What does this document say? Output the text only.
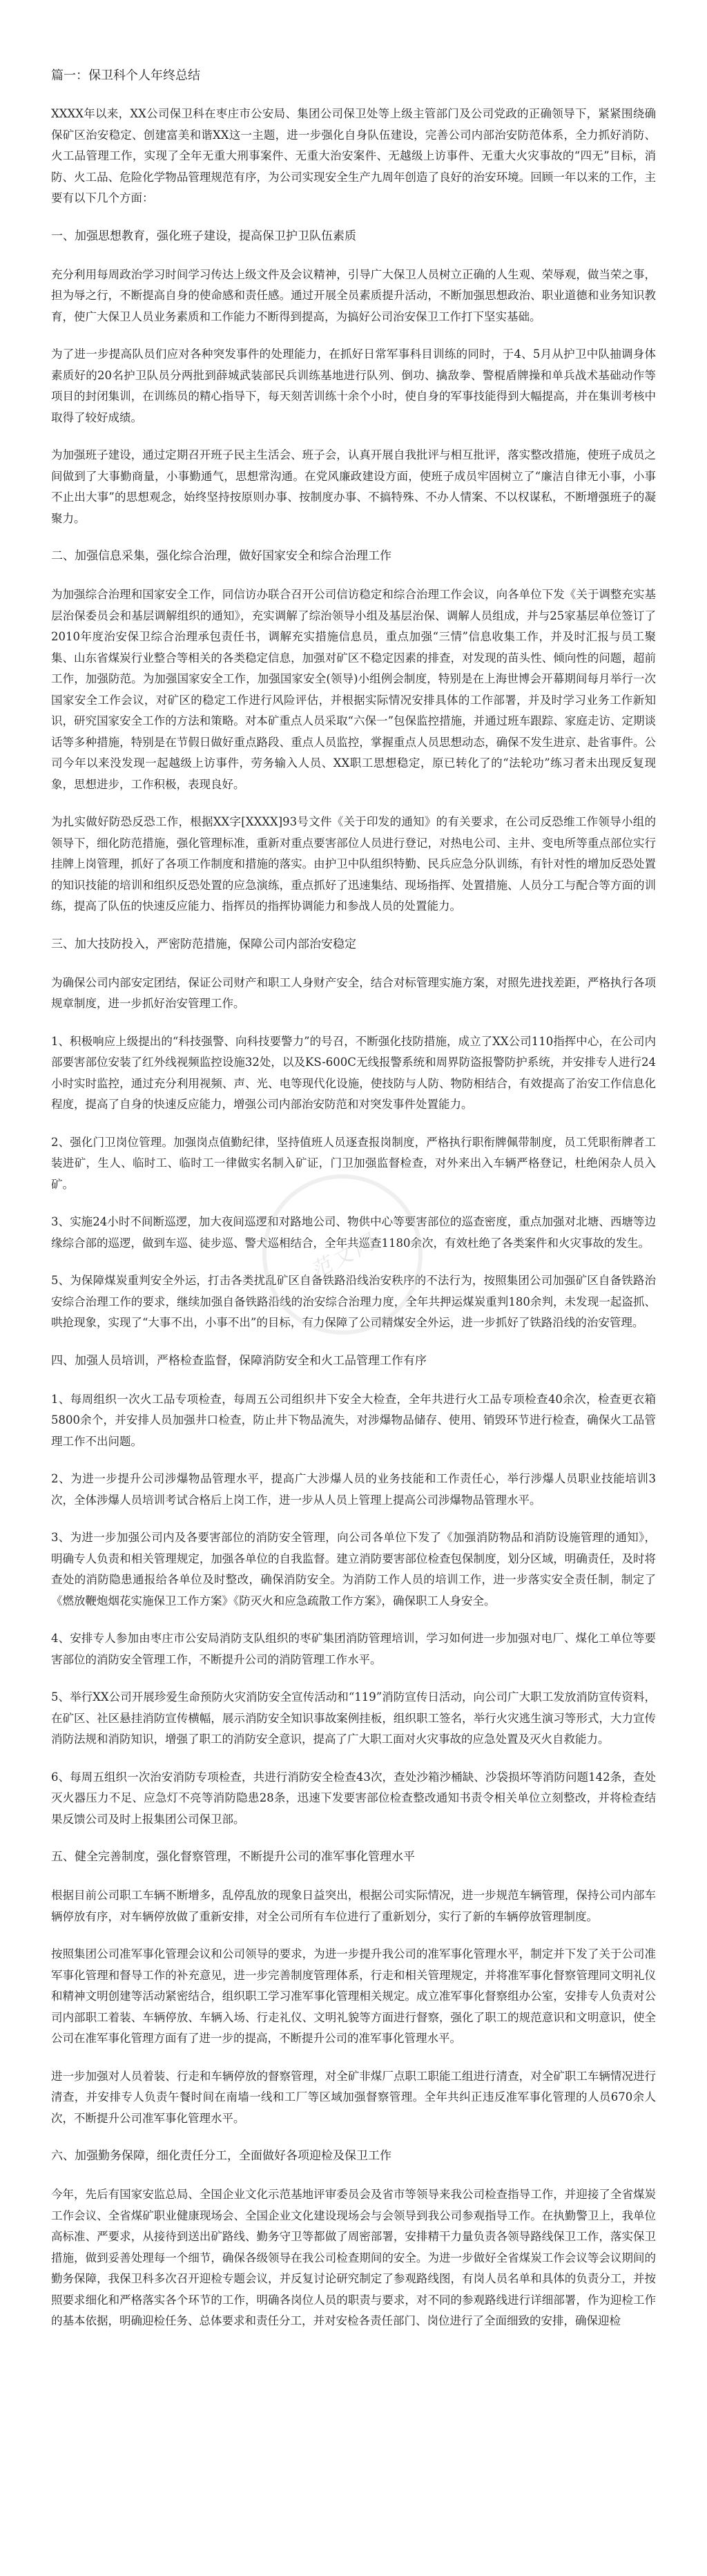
篇一：保卫科个人年终总结
XXXX年以来，XX公司保卫科在枣庄市公安局、集团公司保卫处等上级主管部门及公司党政的正确领导下，紧紧围绕确保矿区治安稳定、创建富美和谐XX这一主题，进一步强化自身队伍建设，完善公司内部治安防范体系，全力抓好消防、火工品管理工作，实现了全年无重大刑事案件、无重大治安案件、无越级上访事件、无重大火灾事故的“四无”目标，消防、火工品、危险化学物品管理规范有序，为公司实现安全生产九周年创造了良好的治安环境。回顾一年以来的工作，主要有以下几个方面：
一、加强思想教育，强化班子建设，提高保卫护卫队伍素质
充分利用每周政治学习时间学习传达上级文件及会议精神，引导广大保卫人员树立正确的人生观、荣辱观，做当荣之事，担为辱之行，不断提高自身的使命感和责任感。通过开展全员素质提升活动，不断加强思想政治、职业道德和业务知识教育，使广大保卫人员业务素质和工作能力不断得到提高，为搞好公司治安保卫工作打下坚实基础。
为了进一步提高队员们应对各种突发事件的处理能力，在抓好日常军事科目训练的同时，于4、5月从护卫中队抽调身体素质好的20名护卫队员分两批到薛城武装部民兵训练基地进行队列、倒功、擒敌拳、警棍盾牌操和单兵战术基础动作等项目的封闭集训，在训练员的精心指导下，每天刻苦训练十余个小时，使自身的军事技能得到大幅提高，并在集训考核中取得了较好成绩。
为加强班子建设，通过定期召开班子民主生活会、班子会，认真开展自我批评与相互批评，落实整改措施，使班子成员之间做到了大事勤商量，小事勤通气，思想常沟通。在党风廉政建设方面，使班子成员牢固树立了“廉洁自律无小事，小事不止出大事”的思想观念，始终坚持按原则办事、按制度办事、不搞特殊、不办人情案、不以权谋私，不断增强班子的凝聚力。
二、加强信息采集，强化综合治理，做好国家安全和综合治理工作
为加强综合治理和国家安全工作，同信访办联合召开公司信访稳定和综合治理工作会议，向各单位下发《关于调整充实基层治保委员会和基层调解组织的通知》，充实调解了综治领导小组及基层治保、调解人员组成，并与25家基层单位签订了2010年度治安保卫综合治理承包责任书，调解充实措施信息员，重点加强“三情”信息收集工作，并及时汇报与员工聚集、山东省煤炭行业整合等相关的各类稳定信息，加强对矿区不稳定因素的排查，对发现的苗头性、倾向性的问题，超前工作，加强防范。为加强国家安全工作，加强国家安全(领导)小组例会制度，特别是在上海世博会开幕期间每月举行一次国家安全工作会议，对矿区的稳定工作进行风险评估，并根据实际情况安排具体的工作部署，并及时学习业务工作新知识，研究国家安全工作的方法和策略。对本矿重点人员采取“六保一”包保监控措施，并通过班车跟踪、家庭走访、定期谈话等多种措施，特别是在节假日做好重点路段、重点人员监控，掌握重点人员思想动态，确保不发生进京、赴省事件。公司今年以来没发现一起越级上访事件，劳务输入人员、XX职工思想稳定，原已转化了的“法轮功”练习者未出现反复现象，思想进步，工作积极，表现良好。
为扎实做好防恐反恐工作，根据XX字[XXXX]93号文件《关于印发的通知》的有关要求，在公司反恐维工作领导小组的领导下，细化防范措施，强化管理标准，重新对重点要害部位人员进行登记，对热电公司、主井、变电所等重点部位实行挂牌上岗管理，抓好了各项工作制度和措施的落实。由护卫中队组织特勤、民兵应急分队训练，有针对性的增加反恐处置的知识技能的培训和组织反恐处置的应急演练，重点抓好了迅速集结、现场指挥、处置措施、人员分工与配合等方面的训练，提高了队伍的快速反应能力、指挥员的指挥协调能力和参战人员的处置能力。
三、加大技防投入，严密防范措施，保障公司内部治安稳定
为确保公司内部安定团结，保证公司财产和职工人身财产安全，结合对标管理实施方案，对照先进找差距，严格执行各项规章制度，进一步抓好治安管理工作。
1、积极响应上级提出的“科技强警、向科技要警力”的号召，不断强化技防措施，成立了XX公司110指挥中心，在公司内部要害部位安装了红外线视频监控设施32处，以及KS-600C无线报警系统和周界防盗报警防护系统，并安排专人进行24小时实时监控，通过充分利用视频、声、光、电等现代化设施，使技防与人防、物防相结合，有效提高了治安工作信息化程度，提高了自身的快速反应能力，增强公司内部治安防范和对突发事件处置能力。
2、强化门卫岗位管理。加强岗点值勤纪律，坚持值班人员逐查报岗制度，严格执行职衔牌佩带制度，员工凭职衔牌者工装进矿，生人、临时工、临时工一律做实名制入矿证，门卫加强监督检查，对外来出入车辆严格登记，杜绝闲杂人员入矿。
3、实施24小时不间断巡逻，加大夜间巡逻和对路地公司、物供中心等要害部位的巡查密度，重点加强对北塘、西塘等边缘综合部的巡逻，做到车巡、徒步巡、警犬巡相结合，全年共巡查1180余次，有效杜绝了各类案件和火灾事故的发生。
5、为保障煤炭重判安全外运，打击各类扰乱矿区自备铁路沿线治安秩序的不法行为，按照集团公司加强矿区自备铁路治安综合治理工作的要求，继续加强自备铁路沿线的治安综合治理力度，全年共押运煤炭重判180余判，未发现一起盗抓、哄抢现象，实现了“大事不出，小事不出”的目标，有力保障了公司精煤安全外运，进一步抓好了铁路沿线的治安管理。
四、加强人员培训，严格检查监督，保障消防安全和火工品管理工作有序
1、每周组织一次火工品专项检查，每周五公司组织井下安全大检查，全年共进行火工品专项检查40余次，检查更衣箱5800余个，并安排人员加强井口检查，防止井下物品流失，对涉爆物品储存、使用、销毁环节进行检查，确保火工品管理工作不出问题。
2、为进一步提升公司涉爆物品管理水平，提高广大涉爆人员的业务技能和工作责任心，举行涉爆人员职业技能培训3次，全体涉爆人员培训考试合格后上岗工作，进一步从人员上管理上提高公司涉爆物品管理水平。
3、为进一步加强公司内及各要害部位的消防安全管理，向公司各单位下发了《加强消防物品和消防设施管理的通知》，明确专人负责和相关管理规定，加强各单位的自我监督。建立消防要害部位检查包保制度，划分区域，明确责任，及时将查处的消防隐患通报给各单位及时整改，确保消防安全。为消防工作人员的培训工作，进一步落实安全责任制，制定了《燃放鞭炮烟花实施保卫工作方案》《防灭火和应急疏散工作方案》，确保职工人身安全。
4、安排专人参加由枣庄市公安局消防支队组织的枣矿集团消防管理培训，学习如何进一步加强对电厂、煤化工单位等要害部位的消防安全管理工作，不断提升公司的消防管理工作水平。
5、举行XX公司开展珍爱生命预防火灾消防安全宣传活动和“119”消防宣传日活动，向公司广大职工发放消防宣传资料，在矿区、社区悬挂消防宣传横幅，展示消防安全知识事故案例挂板，组织职工签名，举行火灾逃生演习等形式，大力宣传消防法规和消防知识，增强了职工的消防安全意识，提高了广大职工面对火灾事故的应急处置及灭火自救能力。
6、每周五组织一次治安消防专项检查，共进行消防安全检查43次，查处沙箱沙桶缺、沙袋损坏等消防问题142条，查处灭火器压力不足、应急灯不亮等消防隐患28条，迅速下发要害部位检查整改通知书责令相关单位立刻整改，并将检查结果反馈公司及时上报集团公司保卫部。
五、健全完善制度，强化督察管理，不断提升公司的准军事化管理水平
根据目前公司职工车辆不断增多，乱停乱放的现象日益突出，根据公司实际情况，进一步规范车辆管理，保持公司内部车辆停放有序，对车辆停放做了重新安排，对全公司所有车位进行了重新划分，实行了新的车辆停放管理制度。
按照集团公司准军事化管理会议和公司领导的要求，为进一步提升我公司的准军事化管理水平，制定并下发了关于公司准军事化管理和督导工作的补充意见，进一步完善制度管理体系，行走和相关管理规定，并将准军事化督察管理同文明礼仪和精神文明创建等活动紧密结合，组织职工学习准军事化管理相关规定。成立准军事化督察组办公室，安排专人负责对公司内部职工着装、车辆停放、车辆入场、行走礼仪、文明礼貌等方面进行督察，强化了职工的规范意识和文明意识，使全公司在准军事化管理方面有了进一步的提高，不断提升公司的准军事化管理水平。
进一步加强对人员着装、行走和车辆停放的督察管理，对全矿非煤厂点职工职能工组进行清查，对全矿职工车辆情况进行清查，并安排专人负责午餐时间在南墙一线和工厂等区域加强督察管理。全年共纠正违反准军事化管理的人员670余人次，不断提升公司准军事化管理水平。
六、加强勤务保障，细化责任分工，全面做好各项迎检及保卫工作
今年，先后有国家安监总局、全国企业文化示范基地评审委员会及省市等领导来我公司检查指导工作，并迎接了全省煤炭工作会议、全省煤矿职业健康现场会、全国企业文化建设现场会与会领导到我公司参观指导工作。在执勤警卫上，我单位高标准、严要求，从接待到送出矿路线、勤务守卫等都做了周密部署，安排精干力量负责各领导路线保卫工作，落实保卫措施，做到妥善处理每一个细节，确保各级领导在我公司检查期间的安全。为进一步做好全省煤炭工作会议等会议期间的勤务保障，我保卫科多次召开迎检专题会议，并反复讨论研究制定了参观路线图，有岗人员名单和具体的负责分工，并按照要求细化和严格落实各个环节的工作，明确各岗位人员的职责与要求，对不同的参观路线进行详细部署，作为迎检工作的基本依据，明确迎检任务、总体要求和责任分工，并对安检各责任部门、岗位进行了全面细致的安排，确保迎检
范文网
